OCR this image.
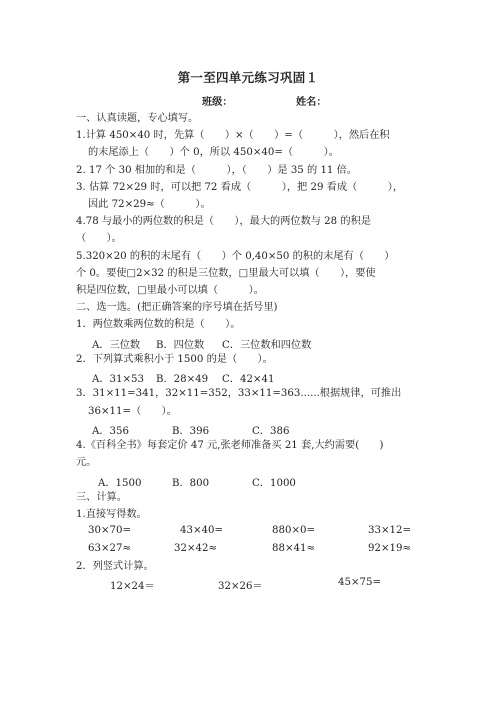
第一至四单元练习巩固１
班级：	姓名：
一、认真读题，专心填写。
1.计算 450×40 时，先算（　　）×（　　）=（　　　），然后在积
的末尾添上（　　）个 0，所以 450×40=（　　　）。
2. 17 个 30 相加的和是（　　　），（　　）是 35 的 11 倍。
3. 估算 72×29 时，可以把 72 看成（　　　），把 29 看成（　　　），
因此 72×29≈（　　　）。
4.78 与最小的两位数的积是（　　），最大的两位数与 28 的积是
（　　）。
5.320×20 的积的末尾有（　　）个 0,40×50 的积的末尾有（　　）
个 0。要使□2×32 的积是三位数，□里最大可以填（　　），要使
积是四位数，□里最小可以填（　　　）。
二、选一选。(把正确答案的序号填在括号里)
1．两位数乘两位数的积是（　　）。
A．三位数 B．四位数 C．三位数和四位数
2．下列算式乘积小于 1500 的是（　　）。
A．31×53 B．28×49 C．42×41
3．31×11=341，32×11=352，33×11=363......根据规律，可推出
36×11=（　　）。
A．356	B．396	C．386
4.《百科全书》每套定价 47 元,张老师准备买 21 套,大约需要(　　)
元。
A．1500	B．800	C．1000
三、计算。
1.直接写得数。
30×70=	43×40=	880×0=	33×12=
63×27≈	32×42≈	88×41≈	92×19≈
2．列竖式计算。
12×24＝	32×26＝	45×75=
